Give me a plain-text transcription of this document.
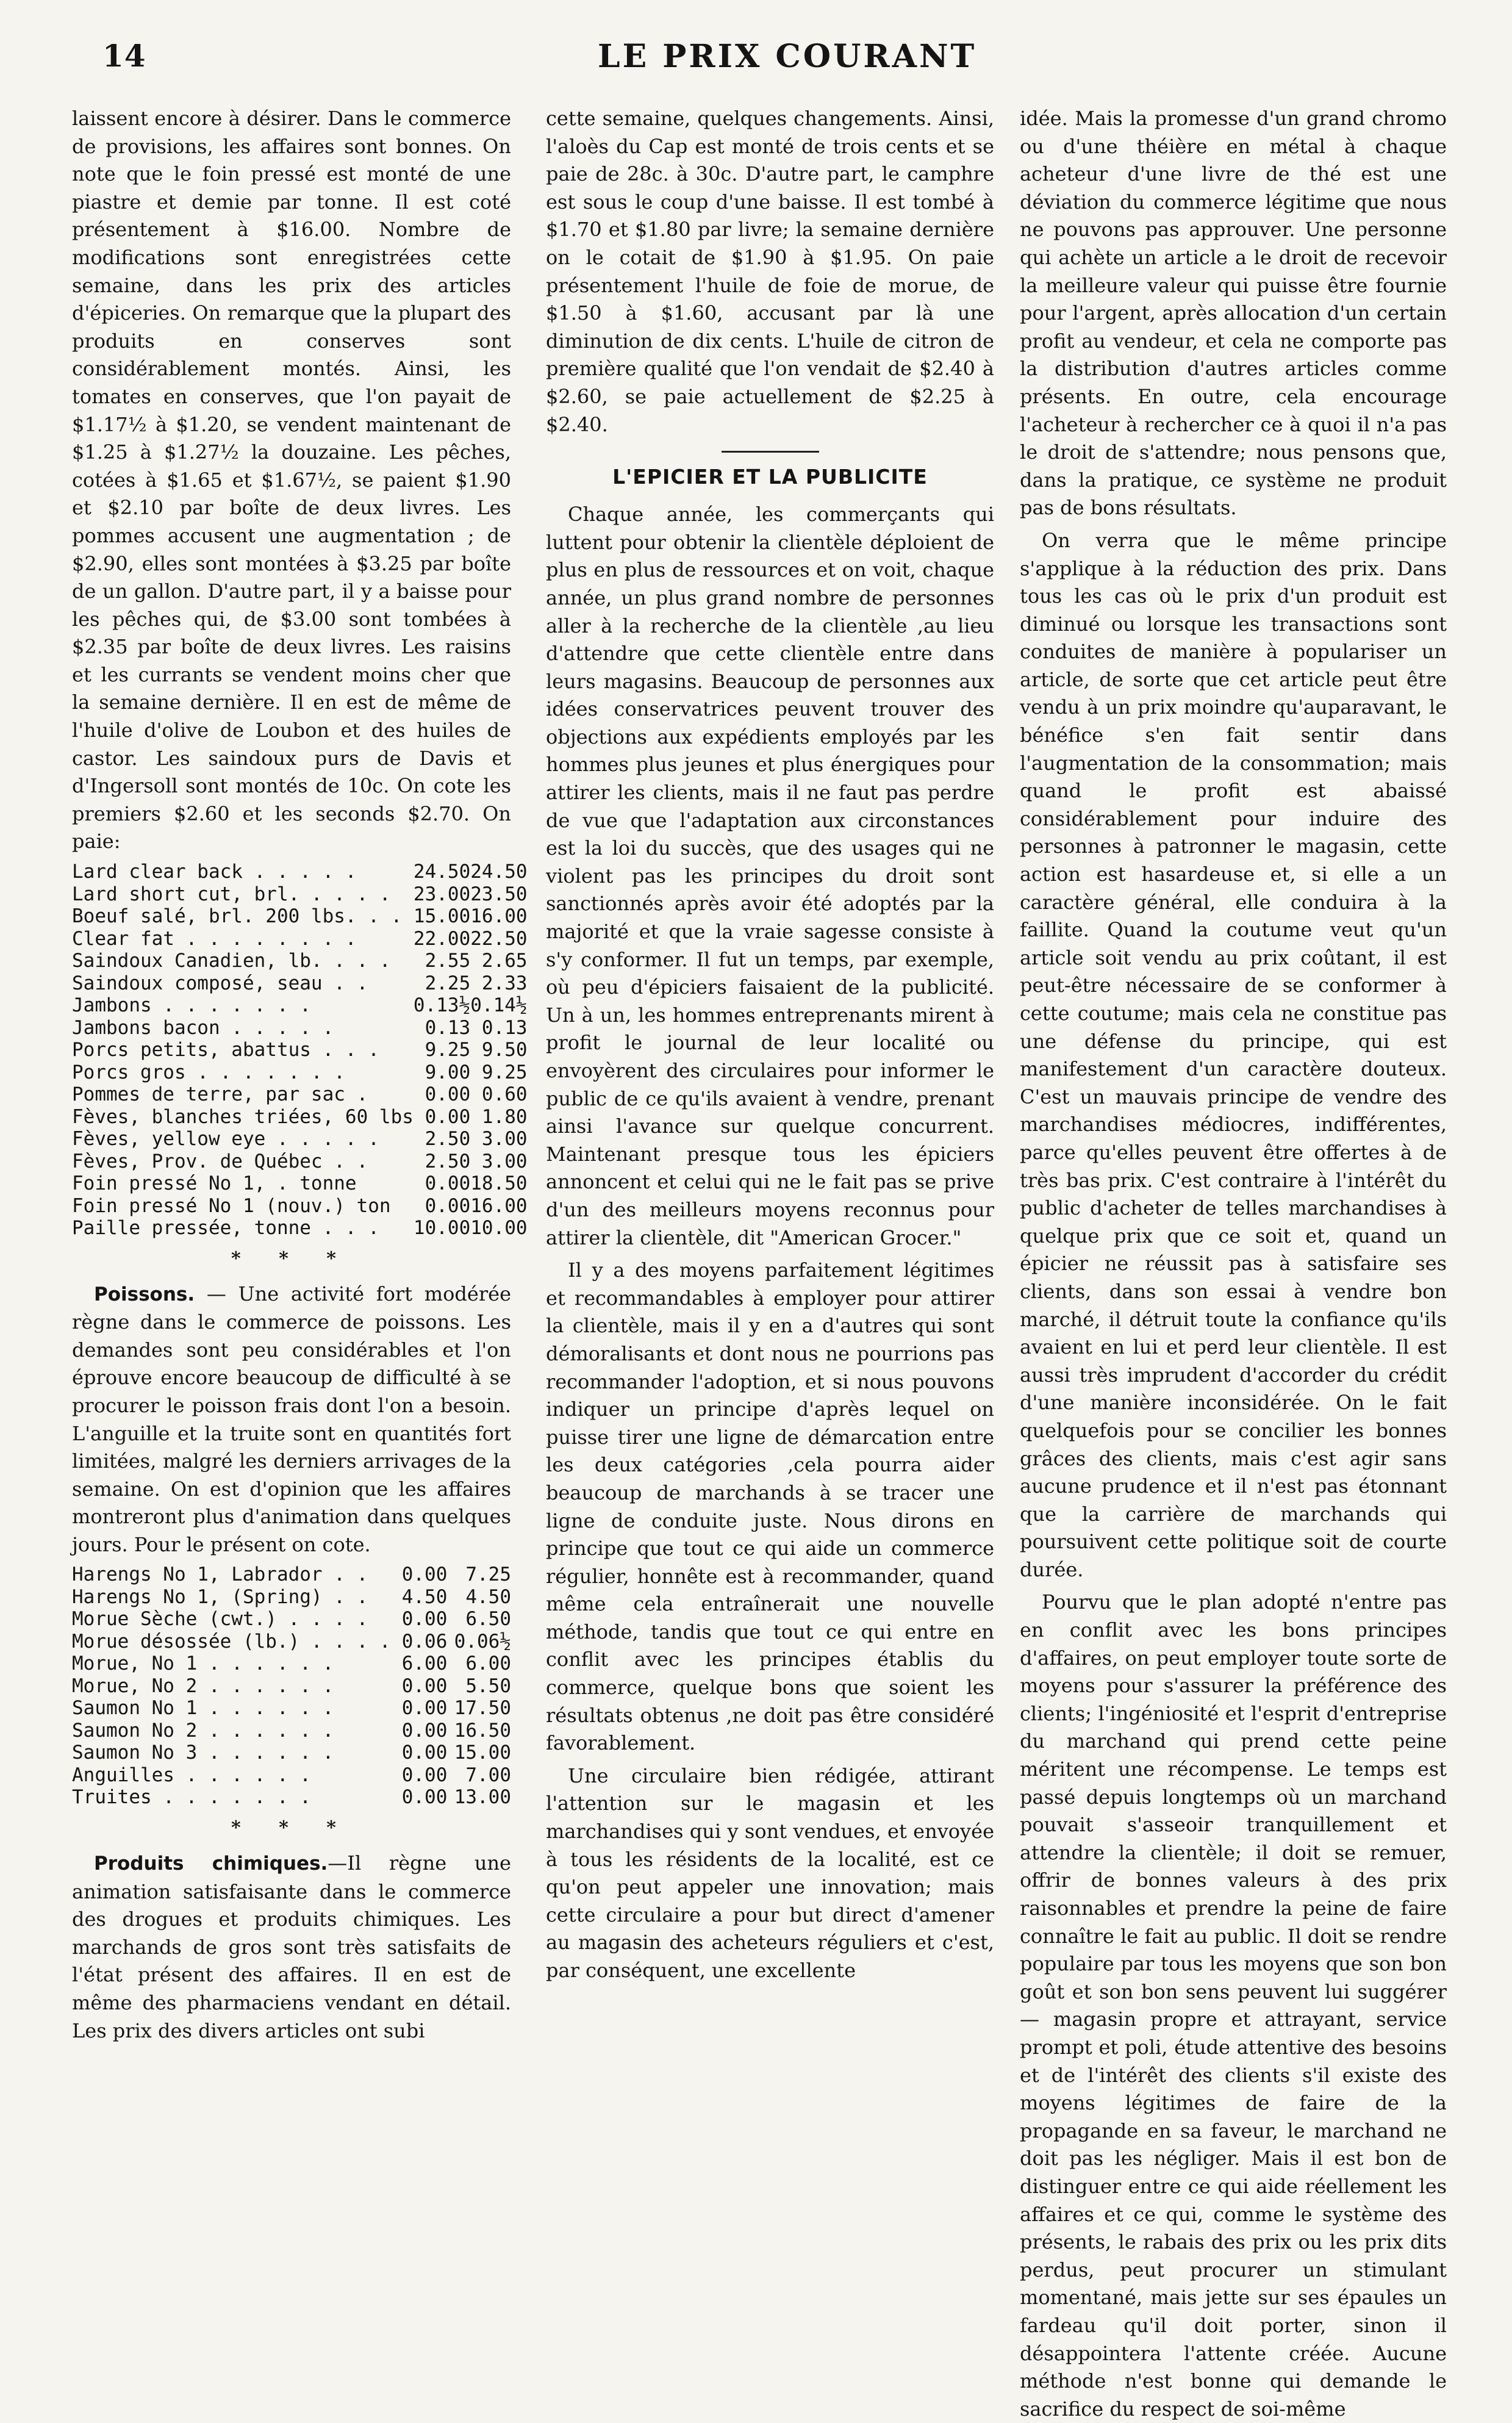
14	LE PRIX COURANT

laissent encore à désirer. Dans le commerce de provisions, les affaires sont bonnes. On note que le foin pressé est monté de une piastre et demie par tonne. Il est coté présentement à $16.00. Nombre de modifications sont enregistrées cette semaine, dans les prix des articles d'épiceries. On remarque que la plupart des produits en conserves sont considérablement montés. Ainsi, les tomates en conserves, que l'on payait de $1.17½ à $1.20, se vendent maintenant de $1.25 à $1.27½ la douzaine. Les pêches, cotées à $1.65 et $1.67½, se paient $1.90 et $2.10 par boîte de deux livres. Les pommes accusent une augmentation ; de $2.90, elles sont montées à $3.25 par boîte de un gallon. D'autre part, il y a baisse pour les pêches qui, de $3.00 sont tombées à $2.35 par boîte de deux livres. Les raisins et les currants se vendent moins cher que la semaine dernière. Il en est de même de l'huile d'olive de Loubon et des huiles de castor. Les saindoux purs de Davis et d'Ingersoll sont montés de 10c. On cote les premiers $2.60 et les seconds $2.70. On paie:

Lard clear back . . . . .	24.50	24.50
Lard short cut, brl. . . . .	23.00	23.50
Boeuf salé, brl. 200 lbs. . .	15.00	16.00
Clear fat . . . . . . . .	22.00	22.50
Saindoux Canadien, lb. . . .	2.55	2.65
Saindoux composé, seau . .	2.25	2.33
Jambons . . . . . . .	0.13½	0.14½
Jambons bacon . . . . .	0.13	0.13
Porcs petits, abattus . . .	9.25	9.50
Porcs gros . . . . . . .	9.00	9.25
Pommes de terre, par sac .	0.00	0.60
Fèves, blanches triées, 60 lbs	0.00	1.80
Fèves, yellow eye . . . . .	2.50	3.00
Fèves, Prov. de Québec . .	2.50	3.00
Foin pressé No 1, . tonne	0.00	18.50
Foin pressé No 1 (nouv.) ton	0.00	16.00
Paille pressée, tonne . . .	10.00	10.00
* * *

Poissons. — Une activité fort modérée règne dans le commerce de poissons. Les demandes sont peu considérables et l'on éprouve encore beaucoup de difficulté à se procurer le poisson frais dont l'on a besoin. L'anguille et la truite sont en quantités fort limitées, malgré les derniers arrivages de la semaine. On est d'opinion que les affaires montreront plus d'animation dans quelques jours. Pour le présent on cote.

Harengs No 1, Labrador . .	0.00	7.25
Harengs No 1, (Spring) . .	4.50	4.50
Morue Sèche (cwt.) . . . .	0.00	6.50
Morue désossée (lb.) . . . .	0.06	0.06½
Morue, No 1 . . . . . .	6.00	6.00
Morue, No 2 . . . . . .	0.00	5.50
Saumon No 1 . . . . . .	0.00	17.50
Saumon No 2 . . . . . .	0.00	16.50
Saumon No 3 . . . . . .	0.00	15.00
Anguilles . . . . . .	0.00	7.00
Truites . . . . . . .	0.00	13.00
* * *

Produits chimiques.—Il règne une animation satisfaisante dans le commerce des drogues et produits chimiques. Les marchands de gros sont très satisfaits de l'état présent des affaires. Il en est de même des pharmaciens vendant en détail. Les prix des divers articles ont subi

cette semaine, quelques changements. Ainsi, l'aloès du Cap est monté de trois cents et se paie de 28c. à 30c. D'autre part, le camphre est sous le coup d'une baisse. Il est tombé à $1.70 et $1.80 par livre; la semaine dernière on le cotait de $1.90 à $1.95. On paie présentement l'huile de foie de morue, de $1.50 à $1.60, accusant par là une diminution de dix cents. L'huile de citron de première qualité que l'on vendait de $2.40 à $2.60, se paie actuellement de $2.25 à $2.40.

L'EPICIER ET LA PUBLICITE

Chaque année, les commerçants qui luttent pour obtenir la clientèle déploient de plus en plus de ressources et on voit, chaque année, un plus grand nombre de personnes aller à la recherche de la clientèle ,au lieu d'attendre que cette clientèle entre dans leurs magasins. Beaucoup de personnes aux idées conservatrices peuvent trouver des objections aux expédients employés par les hommes plus jeunes et plus énergiques pour attirer les clients, mais il ne faut pas perdre de vue que l'adaptation aux circonstances est la loi du succès, que des usages qui ne violent pas les principes du droit sont sanctionnés après avoir été adoptés par la majorité et que la vraie sagesse consiste à s'y conformer. Il fut un temps, par exemple, où peu d'épiciers faisaient de la publicité. Un à un, les hommes entreprenants mirent à profit le journal de leur localité ou envoyèrent des circulaires pour informer le public de ce qu'ils avaient à vendre, prenant ainsi l'avance sur quelque concurrent. Maintenant presque tous les épiciers annoncent et celui qui ne le fait pas se prive d'un des meilleurs moyens reconnus pour attirer la clientèle, dit "American Grocer."

Il y a des moyens parfaitement légitimes et recommandables à employer pour attirer la clientèle, mais il y en a d'autres qui sont démoralisants et dont nous ne pourrions pas recommander l'adoption, et si nous pouvons indiquer un principe d'après lequel on puisse tirer une ligne de démarcation entre les deux catégories ,cela pourra aider beaucoup de marchands à se tracer une ligne de conduite juste. Nous dirons en principe que tout ce qui aide un commerce régulier, honnête est à recommander, quand même cela entraînerait une nouvelle méthode, tandis que tout ce qui entre en conflit avec les principes établis du commerce, quelque bons que soient les résultats obtenus ,ne doit pas être considéré favorablement.

Une circulaire bien rédigée, attirant l'attention sur le magasin et les marchandises qui y sont vendues, et envoyée à tous les résidents de la localité, est ce qu'on peut appeler une innovation; mais cette circulaire a pour but direct d'amener au magasin des acheteurs réguliers et c'est, par conséquent, une excellente

idée. Mais la promesse d'un grand chromo ou d'une théière en métal à chaque acheteur d'une livre de thé est une déviation du commerce légitime que nous ne pouvons pas approuver. Une personne qui achète un article a le droit de recevoir la meilleure valeur qui puisse être fournie pour l'argent, après allocation d'un certain profit au vendeur, et cela ne comporte pas la distribution d'autres articles comme présents. En outre, cela encourage l'acheteur à rechercher ce à quoi il n'a pas le droit de s'attendre; nous pensons que, dans la pratique, ce système ne produit pas de bons résultats.

On verra que le même principe s'applique à la réduction des prix. Dans tous les cas où le prix d'un produit est diminué ou lorsque les transactions sont conduites de manière à populariser un article, de sorte que cet article peut être vendu à un prix moindre qu'auparavant, le bénéfice s'en fait sentir dans l'augmentation de la consommation; mais quand le profit est abaissé considérablement pour induire des personnes à patronner le magasin, cette action est hasardeuse et, si elle a un caractère général, elle conduira à la faillite. Quand la coutume veut qu'un article soit vendu au prix coûtant, il est peut-être nécessaire de se conformer à cette coutume; mais cela ne constitue pas une défense du principe, qui est manifestement d'un caractère douteux. C'est un mauvais principe de vendre des marchandises médiocres, indifférentes, parce qu'elles peuvent être offertes à de très bas prix. C'est contraire à l'intérêt du public d'acheter de telles marchandises à quelque prix que ce soit et, quand un épicier ne réussit pas à satisfaire ses clients, dans son essai à vendre bon marché, il détruit toute la confiance qu'ils avaient en lui et perd leur clientèle. Il est aussi très imprudent d'accorder du crédit d'une manière inconsidérée. On le fait quelquefois pour se concilier les bonnes grâces des clients, mais c'est agir sans aucune prudence et il n'est pas étonnant que la carrière de marchands qui poursuivent cette politique soit de courte durée.

Pourvu que le plan adopté n'entre pas en conflit avec les bons principes d'affaires, on peut employer toute sorte de moyens pour s'assurer la préférence des clients; l'ingéniosité et l'esprit d'entreprise du marchand qui prend cette peine méritent une récompense. Le temps est passé depuis longtemps où un marchand pouvait s'asseoir tranquillement et attendre la clientèle; il doit se remuer, offrir de bonnes valeurs à des prix raisonnables et prendre la peine de faire connaître le fait au public. Il doit se rendre populaire par tous les moyens que son bon goût et son bon sens peuvent lui suggérer — magasin propre et attrayant, service prompt et poli, étude attentive des besoins et de l'intérêt des clients s'il existe des moyens légitimes de faire de la propagande en sa faveur, le marchand ne doit pas les négliger. Mais il est bon de distinguer entre ce qui aide réellement les affaires et ce qui, comme le système des présents, le rabais des prix ou les prix dits perdus, peut procurer un stimulant momentané, mais jette sur ses épaules un fardeau qu'il doit porter, sinon il désappointera l'attente créée. Aucune méthode n'est bonne qui demande le sacrifice du respect de soi-même
